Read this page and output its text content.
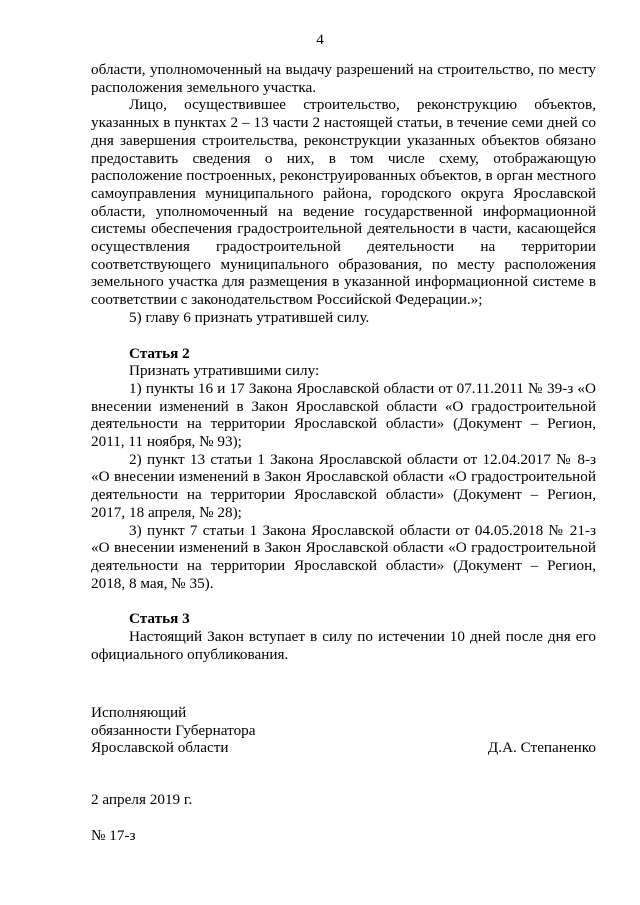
4

области, уполномоченный на выдачу разрешений на строительство, по месту расположения земельного участка.

Лицо, осуществившее строительство, реконструкцию объектов, указанных в пунктах 2 – 13 части 2 настоящей статьи, в течение семи дней со дня завершения строительства, реконструкции указанных объектов обязано предоставить сведения о них, в том числе схему, отображающую расположение построенных, реконструированных объектов, в орган местного самоуправления муниципального района, городского округа Ярославской области, уполномоченный на ведение государственной информационной системы обеспечения градостроительной деятельности в части, касающейся осуществления градостроительной деятельности на территории соответствующего муниципального образования, по месту расположения земельного участка для размещения в указанной информационной системе в соответствии с законодательством Российской Федерации.»;

5) главу 6 признать утратившей силу.

Статья 2

Признать утратившими силу:

1) пункты 16 и 17 Закона Ярославской области от 07.11.2011 № 39-з «О внесении изменений в Закон Ярославской области «О градостроительной деятельности на территории Ярославской области» (Документ – Регион, 2011, 11 ноября, № 93);

2) пункт 13 статьи 1 Закона Ярославской области от 12.04.2017 № 8-з «О внесении изменений в Закон Ярославской области «О градостроительной деятельности на территории Ярославской области» (Документ – Регион, 2017, 18 апреля, № 28);

3) пункт 7 статьи 1 Закона Ярославской области от 04.05.2018 № 21-з «О внесении изменений в Закон Ярославской области «О градостроительной деятельности на территории Ярославской области» (Документ – Регион, 2018, 8 мая, № 35).

Статья 3

Настоящий Закон вступает в силу по истечении 10 дней после дня его официального опубликования.

Исполняющий
обязанности Губернатора
Ярославской области	Д.А. Степаненко
2 апреля 2019 г.
№ 17-з
